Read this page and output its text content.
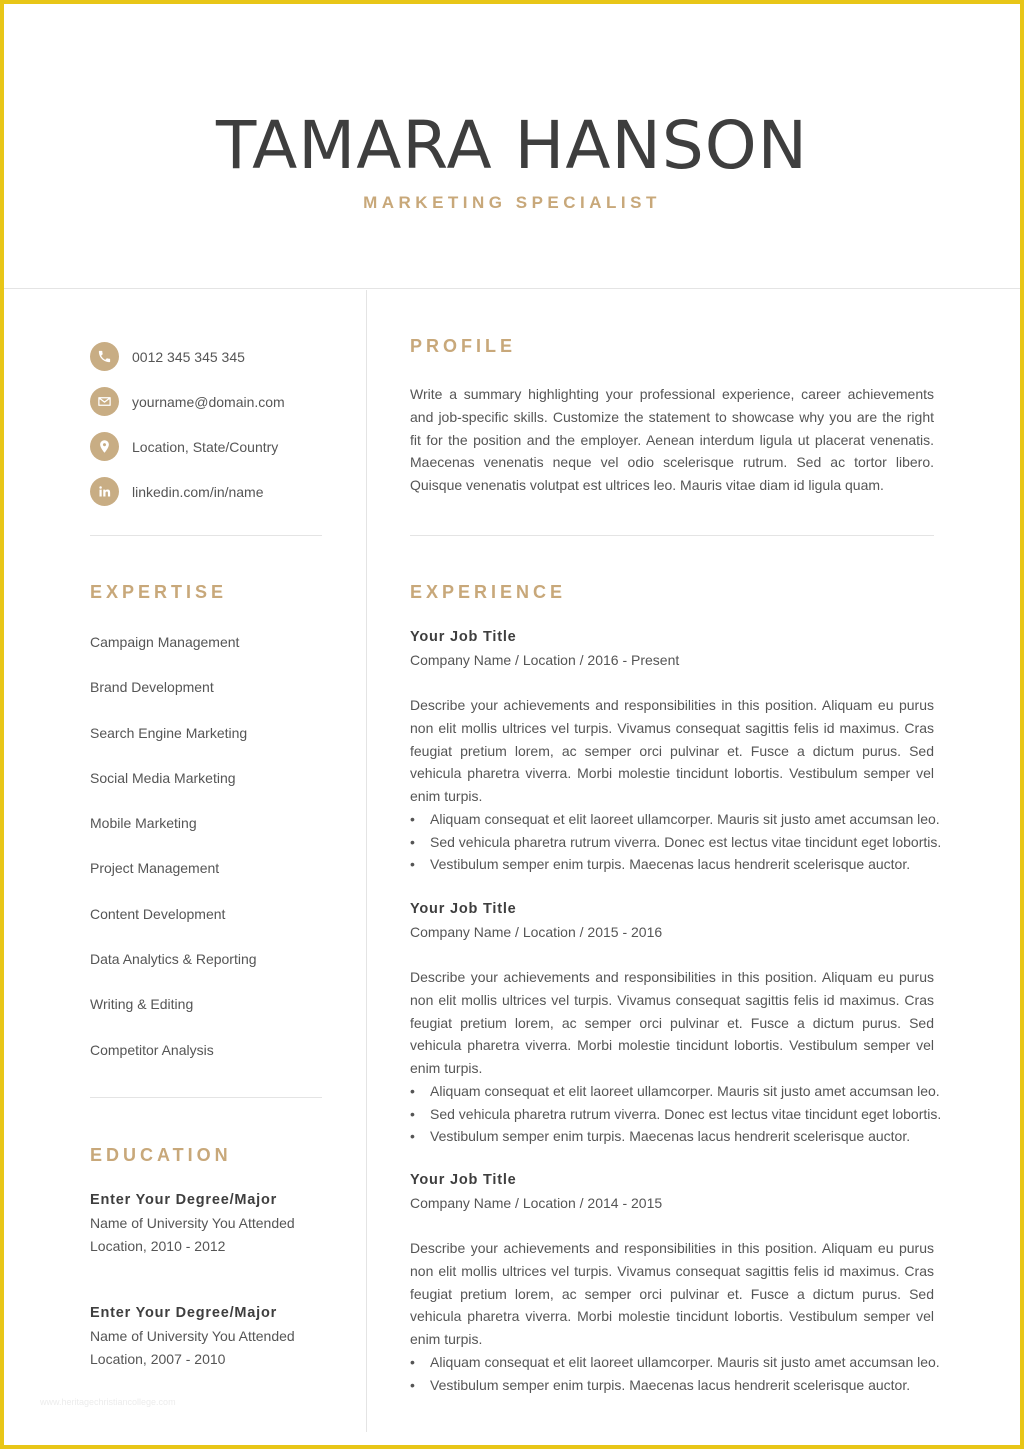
TAMARA HANSON
MARKETING SPECIALIST
0012 345 345 345
yourname@domain.com
Location, State/Country
linkedin.com/in/name
EXPERTISE
Campaign Management
Brand Development
Search Engine Marketing
Social Media Marketing
Mobile Marketing
Project Management
Content Development
Data Analytics & Reporting
Writing & Editing
Competitor Analysis
EDUCATION
Enter Your Degree/Major
Name of University You Attended
Location, 2010 - 2012
Enter Your Degree/Major
Name of University You Attended
Location, 2007 - 2010
www.heritagechristiancollege.com
PROFILE
Write a summary highlighting your professional experience, career achievements and job-specific skills. Customize the statement to showcase why you are the right fit for the position and the employer. Aenean interdum ligula ut placerat venenatis. Maecenas venenatis neque vel odio scelerisque rutrum. Sed ac tortor libero. Quisque venenatis volutpat est ultrices leo. Mauris vitae diam id ligula quam.
EXPERIENCE
Your Job Title
Company Name / Location / 2016 - Present
Describe your achievements and responsibilities in this position. Aliquam eu purus non elit mollis ultrices vel turpis. Vivamus consequat sagittis felis id maximus. Cras feugiat pretium lorem, ac semper orci pulvinar et. Fusce a dictum purus. Sed vehicula pharetra viverra. Morbi molestie tincidunt lobortis. Vestibulum semper vel enim turpis.
• Aliquam consequat et elit laoreet ullamcorper. Mauris sit justo amet accumsan leo.
• Sed vehicula pharetra rutrum viverra. Donec est lectus vitae tincidunt eget lobortis.
• Vestibulum semper enim turpis. Maecenas lacus hendrerit scelerisque auctor.
Your Job Title
Company Name / Location / 2015 - 2016
Describe your achievements and responsibilities in this position. Aliquam eu purus non elit mollis ultrices vel turpis. Vivamus consequat sagittis felis id maximus. Cras feugiat pretium lorem, ac semper orci pulvinar et. Fusce a dictum purus. Sed vehicula pharetra viverra. Morbi molestie tincidunt lobortis. Vestibulum semper vel enim turpis.
• Aliquam consequat et elit laoreet ullamcorper. Mauris sit justo amet accumsan leo.
• Sed vehicula pharetra rutrum viverra. Donec est lectus vitae tincidunt eget lobortis.
• Vestibulum semper enim turpis. Maecenas lacus hendrerit scelerisque auctor.
Your Job Title
Company Name / Location / 2014 - 2015
Describe your achievements and responsibilities in this position. Aliquam eu purus non elit mollis ultrices vel turpis. Vivamus consequat sagittis felis id maximus. Cras feugiat pretium lorem, ac semper orci pulvinar et. Fusce a dictum purus. Sed vehicula pharetra viverra. Morbi molestie tincidunt lobortis. Vestibulum semper vel enim turpis.
• Aliquam consequat et elit laoreet ullamcorper. Mauris sit justo amet accumsan leo.
• Vestibulum semper enim turpis. Maecenas lacus hendrerit scelerisque auctor.
